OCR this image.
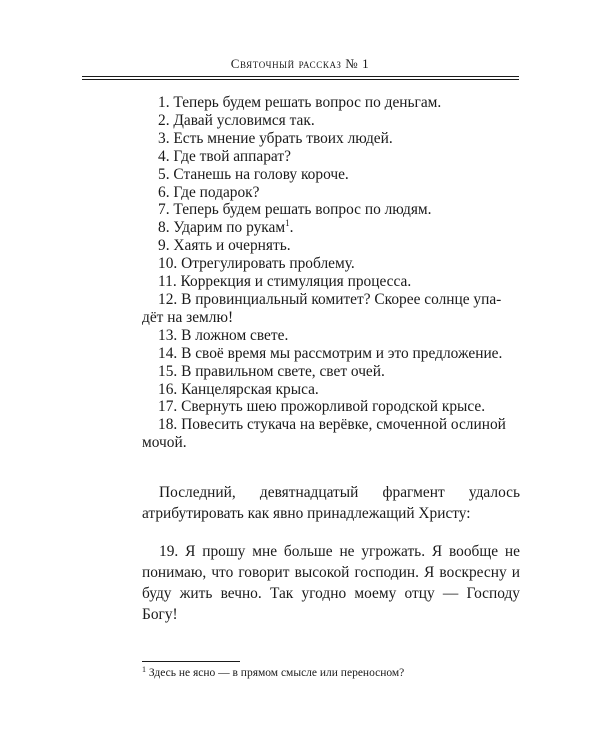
Святочный рассказ № 1

1. Теперь будем решать вопрос по деньгам.

2. Давай условимся так.

3. Есть мнение убрать твоих людей.

4. Где твой аппарат?

5. Станешь на голову короче.

6. Где подарок?

7. Теперь будем решать вопрос по людям.

8. Ударим по рукам$^1$.

9. Хаять и очернять.

10. Отрегулировать проблему.

11. Коррекция и стимуляция процесса.

12. В провинциальный комитет? Скорее солнце упа-

дёт на землю!

13. В ложном свете.

14. В своё время мы рассмотрим и это предложение.

15. В правильном свете, свет очей.

16. Канцелярская крыса.

17. Свернуть шею прожорливой городской крысе.

18. Повесить стукача на верёвке, смоченной ослиной

мочой.

Последний, девятнадцатый фрагмент удалось атрибутировать как явно принадлежащий Христу:
19. Я прошу мне больше не угрожать. Я вообще не понимаю, что говорит высокой господин. Я воскресну и буду жить вечно. Так угодно моему отцу — Господу Богу!
$^1$ Здесь не ясно — в прямом смысле или переносном?
